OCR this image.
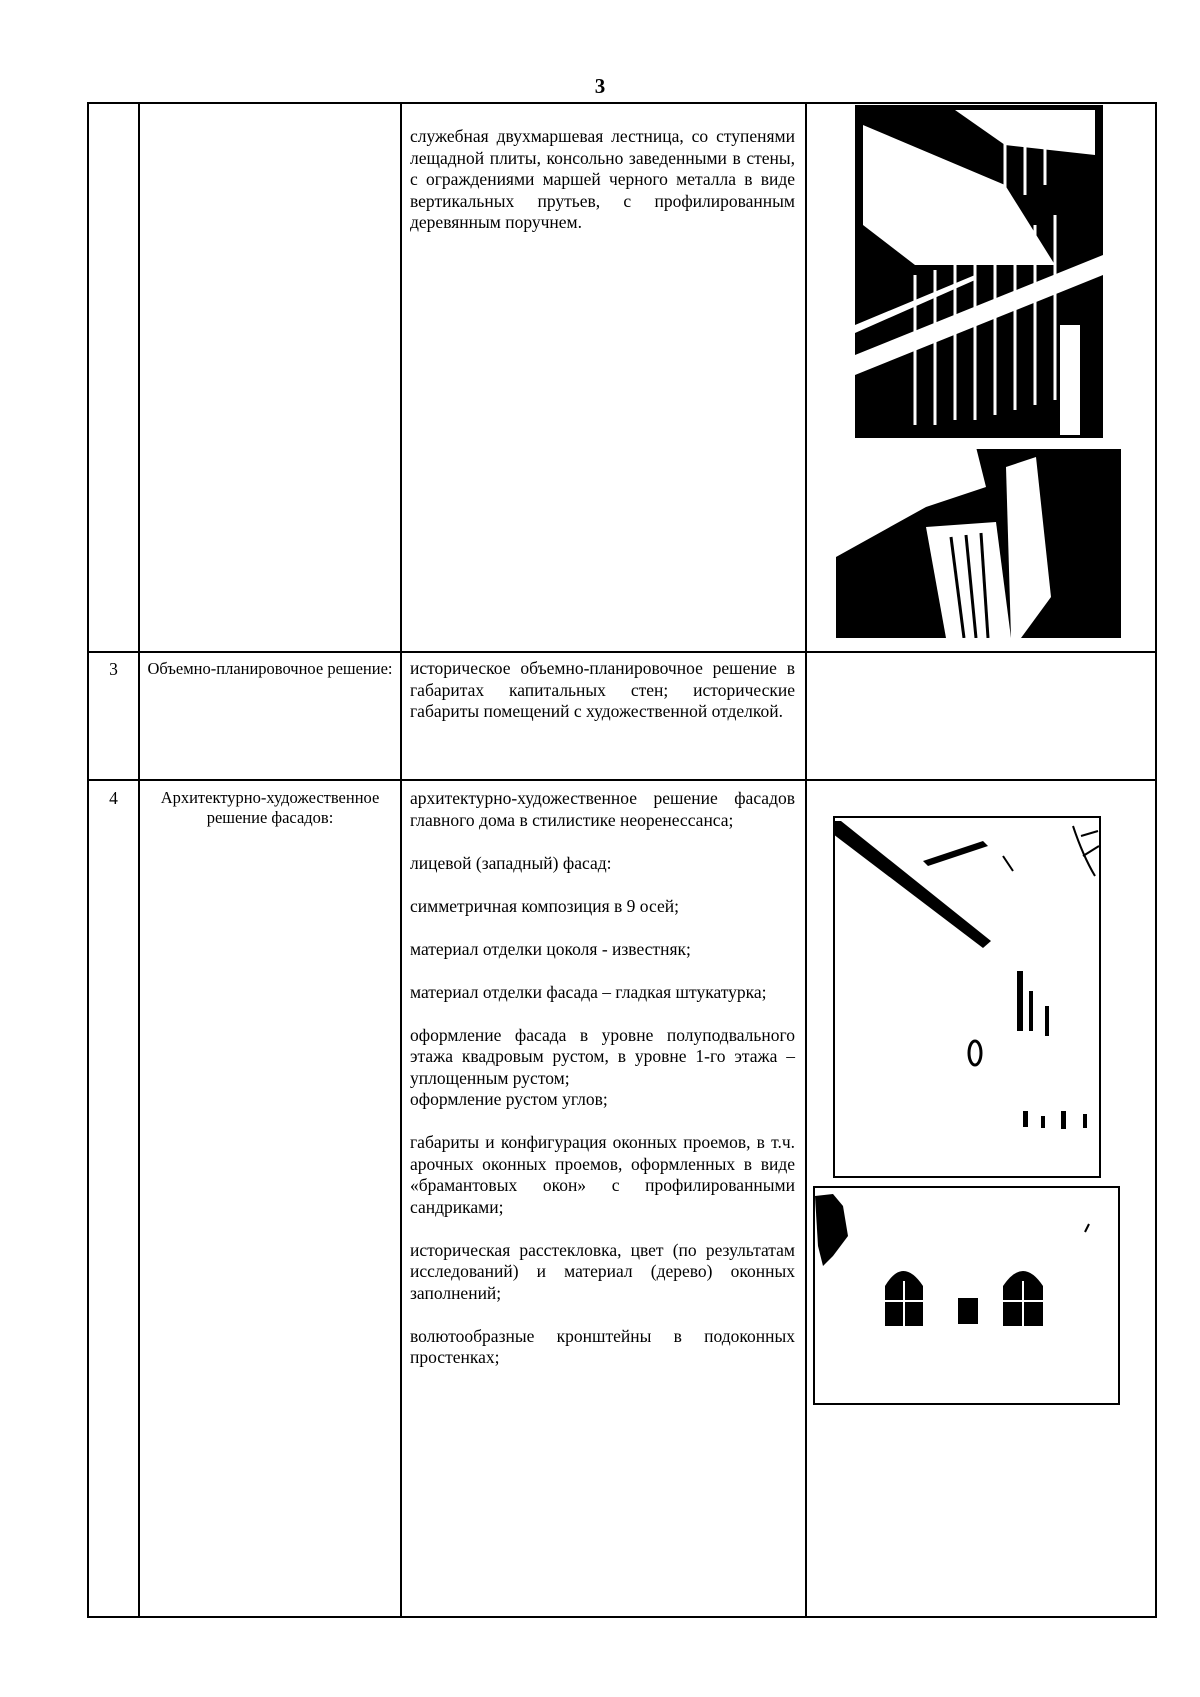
3

служебная двухмаршевая лестница, со ступенями лещадной плиты, консольно заведенными в стены, с ограждениями маршей черного металла в виде вертикальных прутьев, с профилированным деревянным поручнем.

3	Объемно-планировочное решение: историческое объемно-планировочное решение в габаритах капитальных стен; исторические габариты помещений с художественной отделкой.

4	Архитектурно-художественное решение фасадов:

архитектурно-художественное решение фасадов главного дома в стилистике неоренессанса;

лицевой (западный) фасад:

симметричная композиция в 9 осей;

материал отделки цоколя - известняк;

материал отделки фасада – гладкая штукатурка;

оформление фасада в уровне полуподвального этажа квадровым рустом, в уровне 1-го этажа – уплощенным рустом;

оформление рустом углов;

габариты и конфигурация оконных проемов, в т.ч. арочных оконных проемов, оформленных в виде «брамантовых окон» с профилированными сандриками;

историческая расстекловка, цвет (по результатам исследований) и материал (дерево) оконных заполнений;

волютообразные кронштейны в подоконных простенках;
